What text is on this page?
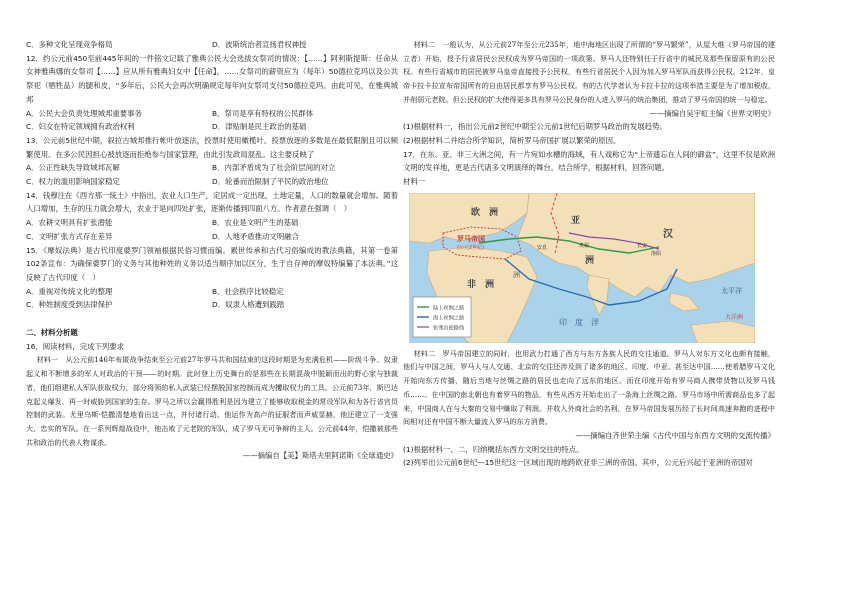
C．多种文化呈现竞争格局	D．波斯统治者宣扬君权神授

12．约公元前450至前445年间的一件铭文记载了雅典公民大会选拔女祭司的情况：【……】阿利斯提斯：任命从女神雅典娜的女祭司【……】应从所有雅典妇女中【任命】，……女祭司的薪资应为（每年）50德拉克玛以及公共祭祀（牺牲品）的腿和皮，“多年后，公民大会再次明确规定每年向女祭司支付50德拉克玛。由此可见，在雅典城邦

A．公民大会负责处理城邦重要事务	B．祭司是享有特权的公民群体
C．妇女在特定领域拥有政治权利	D．津贴制是民主政治的基础

13．公元前5世纪中期，叙拉古城邦推行帐叶放逐法，投票时使用橄榄叶。投票放逐的多数是在最低限制且可以频繁使用。在多公民因担心被放逐而拒绝参与国家管理，由此引发政局混乱。这主要反映了

A．公正性缺失导致城邦瓦解	B．内部矛盾成为了社会阶层间的对立
C．权力的滥用影响国家稳定	D．轮番而治限制了平民的政治地位

14．钱穆注在《西方那一统土》中指出，农业人口生产，定居成一定出现，土地定量，人口的数量就会增加。随着人口增加，生存的压力就会增大，农业于是向四处扩张，逐渐传播到四面八方。作者意在强调（　）

A．农耕文明具有扩张潜能	B．农业是文明产生的基础
C．文明扩张方式存在差异	D．人地矛盾推动文明融合

15．《摩奴法典》是古代印度婆罗门领袖根据民俗习惯而编。累世传承和古代习俗编成的教法典籍，其第一卷第102条宣布：为确保婆罗门的义务与其他种姓的义务以适当顺序加以区分，生于自存神的摩奴特编纂了本法典。”这反映了古代印度（　）

A．重视对传统文化的整理	B．社会秩序比较稳定
C．种姓制度受到法律保护	D．奴隶人格遭到践踏

二、材料分析题

16．阅读材料，完成下列要求

材料一　从公元前146年布匿战争结束至公元前27年罗马共和国结束的这段时期是为充满危机——阶级斗争、奴隶起义和不断增多的军人对政治的干预——的时期。此时登上历史舞台的是那些在长期混战中脱颖而出的野心家与独裁者，他们组建私人军队获取权力，部分将领的私人武装已经摆脱国家控制而成为攫取权力的工具。公元前73年，斯巴达克起义爆发，再一时威胁到国家的生存。罗马之所以会赢得胜利是因为建立了能够收取税金的常设军队和为各行省官员控制的武装。尤里乌斯·恺撒清楚地看出这一点，并付诸行动。他运作为高卢的征服者而声威显赫，他还建立了一支强大、忠实的军队。在一系列辉煌战役中，他击败了元老院的军队，成了罗马无可争辩的主人。公元前44年，恺撒被那些共和政治的代表人物谋杀。

——摘编自【美】斯塔夫里阿诺斯《全球通史》

材料二　一般认为，从公元前27年至公元235年，地中海地区出现了所谓的“罗马繁荣”，从屋大维（罗马帝国的建立者）开始，授予行省居民公民权成为罗马帝国的一项政策。罗马人还特别任于行省中的城民及那些保留原有的公民权。有些行省城市的居民被罗马皇帝直接授予公民权，有些行省居民个人因为加入罗马军队而获得公民权。212年，皇帝卡拉卡拉宣布帝国所有的自由居民都享有罗马公民权。有的古代学者认为卡拉卡拉的这项举措主要是为了增加税收，并削弱元老院。但公民权的扩大使得更多具有罗马公民身份的人进入罗马的统治集团，推动了罗马帝国的统一与稳定。

——摘编自吴宇虹主编《世界文明史》

(1)根据材料一，指出公元前2世纪中期至公元前1世纪后期罗马政治的发展趋势。

(2)根据材料二并结合所学知识，简析罗马帝国扩展以繁荣的原因。

17．在东、亚、非三大洲之间，有一片宛如水槽的海域，有人戏称它为“上帝遗忘在人间的御盆”，这里不仅是欧洲文明的发祥地，更是古代诸多文明演绎的舞台。结合所学，根据材料，回答问题。

材料一

陆上丝绸之路
海上丝绸之路
张骞出使路线
欧　洲
罗马帝国
(公元2世纪)
亚
洲
汉
洛阳
长安
安息	贵霜
非　洲
洲
印　度　洋
太平洋
大洋洲

材料二　罗马帝国建立的同时，也用武力打通了西方与东方各族人民的交往通道。罗马人对东方文化也颇有接触，他们与中国之间，罗马人与人交通、北京的交往还涉及到了诸多的地区、印度、中亚、甚至达中国……使希腊罗马文化开始向东方传播，随后当地与丝绸之路的居民也走向了远东的地区。而在印度开始有罗马商人携带货物以及罗马钱币……。在中国的南北朝也有着罗马的物品，有些从西方开始走出了一条海上丝绸之路。罗马市场中所需商品也多了起来，中国商人在与大秦的交易中赚取了利润。并收入外商社会的名利，在罗马帝国发展历经了长时间高速奔跑的进程中间相对还有中国不断大量流入罗马的东方消费。

——摘编自齐世荣主编《古代中国与东西方文明的交流传播》

(1)根据材料一、二，归纳概括东西方文明交往的特点。

(2)列举出公元前6世纪—15世纪这一区域出现的地跨欧亚非三洲的帝国。其中，公元后兴起于亚洲的帝国对
